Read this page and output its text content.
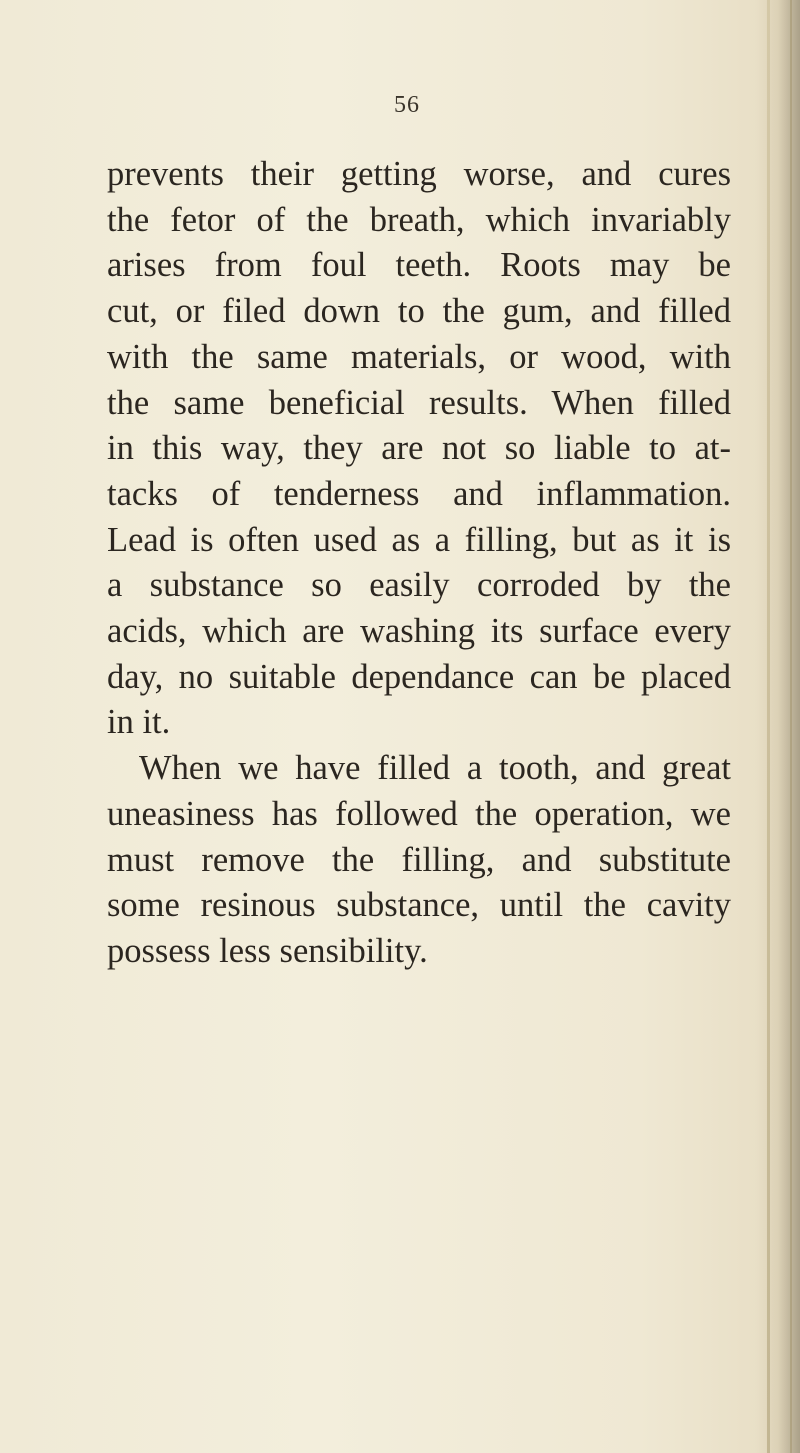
56
prevents their getting worse, and cures
the fetor of the breath, which invariably
arises from foul teeth. Roots may be
cut, or filed down to the gum, and filled
with the same materials, or wood, with
the same beneficial results. When filled
in this way, they are not so liable to at-
tacks of tenderness and inflammation.
Lead is often used as a filling, but as it is
a substance so easily corroded by the
acids, which are washing its surface every
day, no suitable dependance can be placed
in it.
When we have filled a tooth, and great
uneasiness has followed the operation, we
must remove the filling, and substitute
some resinous substance, until the cavity
possess less sensibility.
